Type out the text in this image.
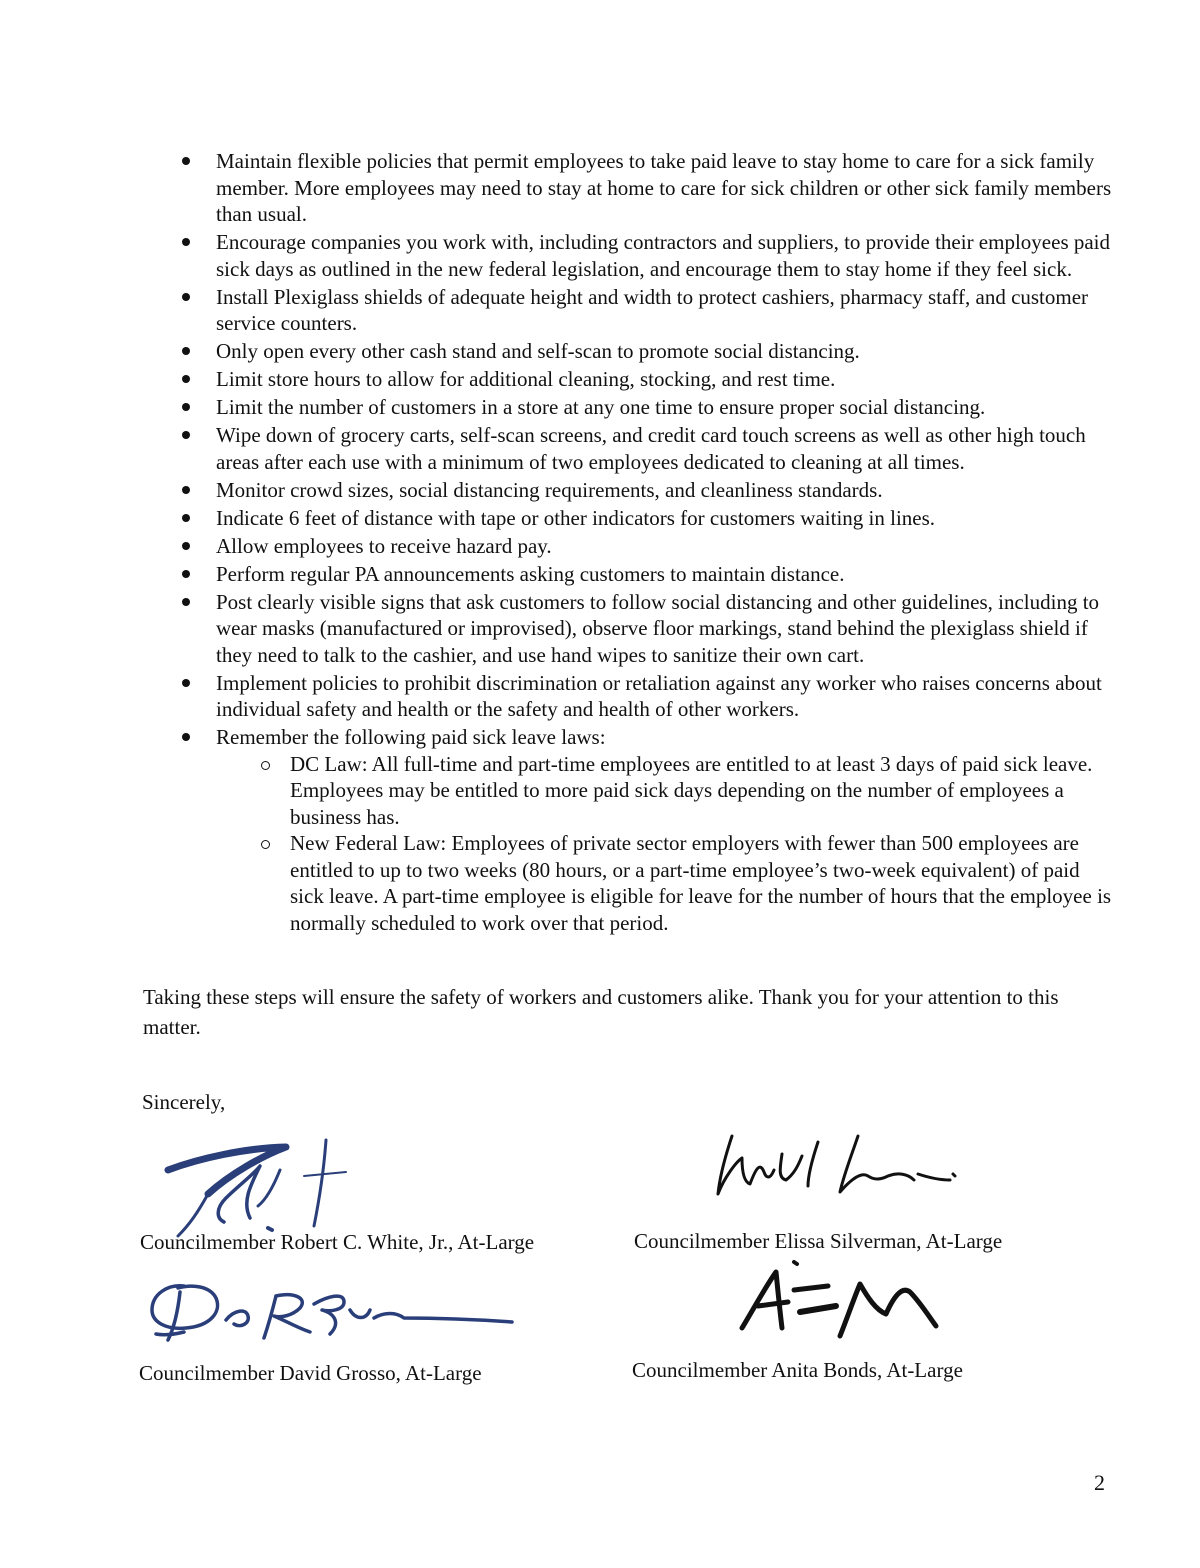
Maintain flexible policies that permit employees to take paid leave to stay home to care for a sick family member. More employees may need to stay at home to care for sick children or other sick family members than usual.
Encourage companies you work with, including contractors and suppliers, to provide their employees paid sick days as outlined in the new federal legislation, and encourage them to stay home if they feel sick.
Install Plexiglass shields of adequate height and width to protect cashiers, pharmacy staff, and customer service counters.
Only open every other cash stand and self-scan to promote social distancing.
Limit store hours to allow for additional cleaning, stocking, and rest time.
Limit the number of customers in a store at any one time to ensure proper social distancing.
Wipe down of grocery carts, self-scan screens, and credit card touch screens as well as other high touch areas after each use with a minimum of two employees dedicated to cleaning at all times.
Monitor crowd sizes, social distancing requirements, and cleanliness standards.
Indicate 6 feet of distance with tape or other indicators for customers waiting in lines.
Allow employees to receive hazard pay.
Perform regular PA announcements asking customers to maintain distance.
Post clearly visible signs that ask customers to follow social distancing and other guidelines, including to wear masks (manufactured or improvised), observe floor markings, stand behind the plexiglass shield if they need to talk to the cashier, and use hand wipes to sanitize their own cart.
Implement policies to prohibit discrimination or retaliation against any worker who raises concerns about individual safety and health or the safety and health of other workers.
Remember the following paid sick leave laws:
DC Law: All full-time and part-time employees are entitled to at least 3 days of paid sick leave. Employees may be entitled to more paid sick days depending on the number of employees a business has.
New Federal Law: Employees of private sector employers with fewer than 500 employees are entitled to up to two weeks (80 hours, or a part-time employee’s two-week equivalent) of paid sick leave. A part-time employee is eligible for leave for the number of hours that the employee is normally scheduled to work over that period.

Taking these steps will ensure the safety of workers and customers alike. Thank you for your attention to this matter.

Sincerely,

Councilmember Robert C. White, Jr., At-Large	Councilmember Elissa Silverman, At-Large

Councilmember David Grosso, At-Large	Councilmember Anita Bonds, At-Large

2
